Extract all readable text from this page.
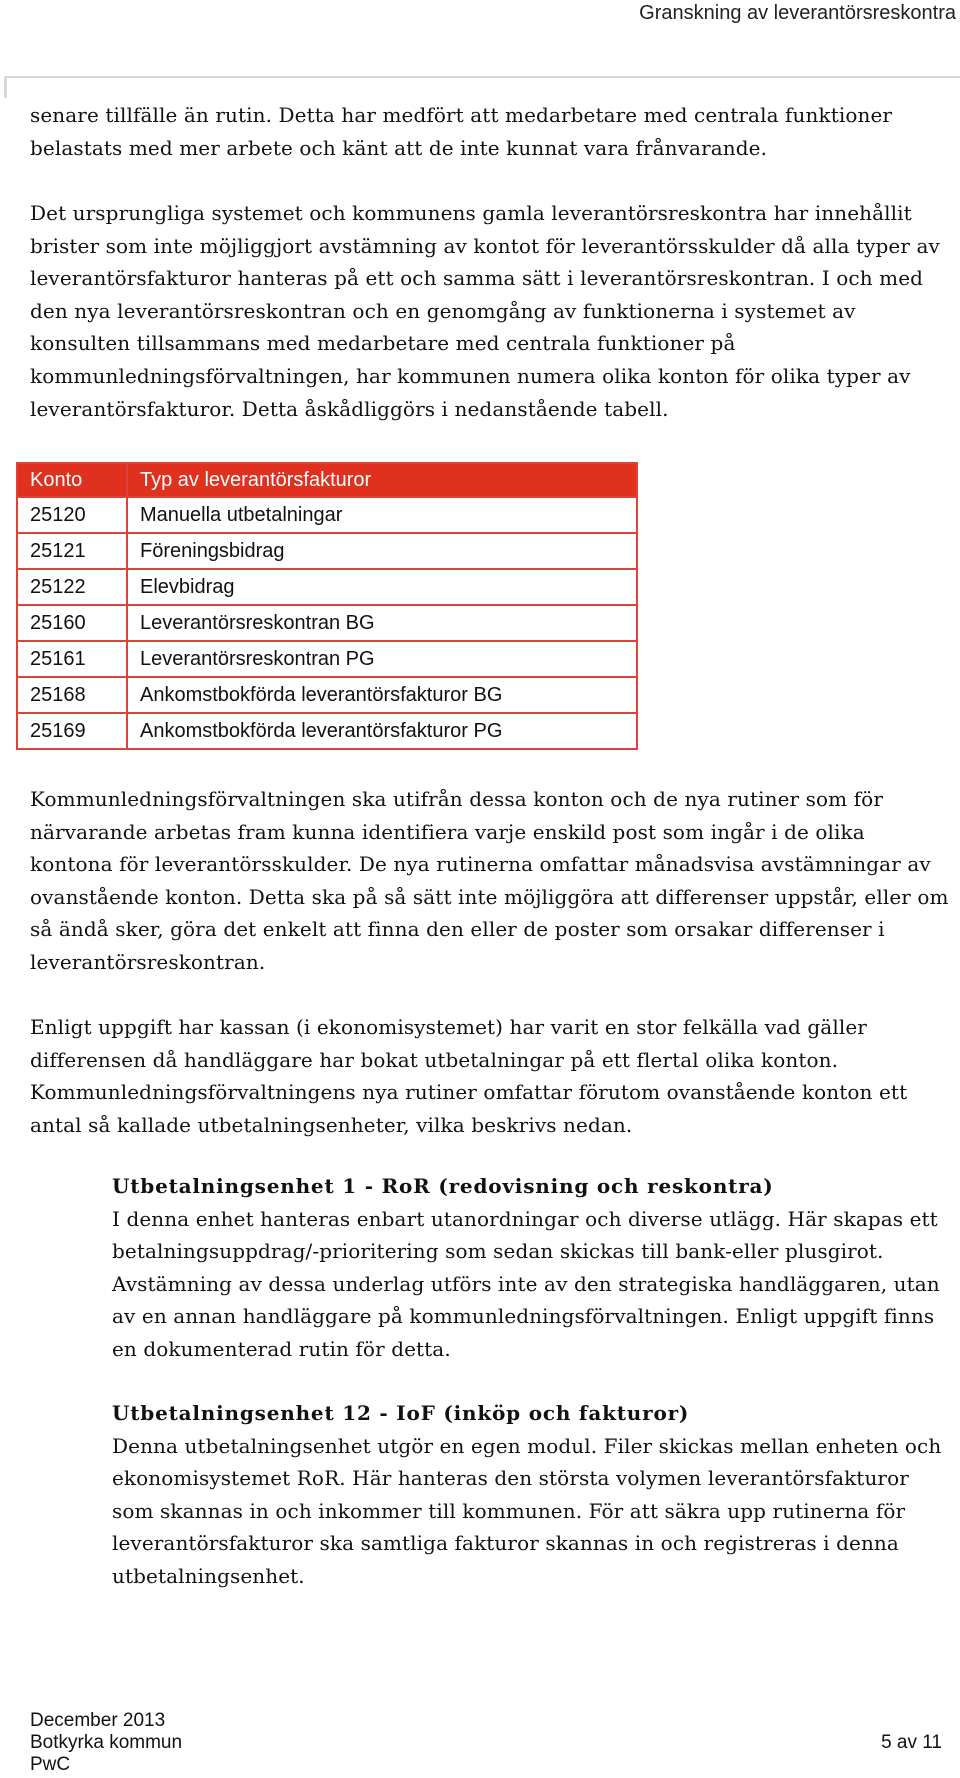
Granskning av leverantörsreskontra

senare tillfälle än rutin. Detta har medfört att medarbetare med centrala funktioner belastats med mer arbete och känt att de inte kunnat vara frånvarande.

Det ursprungliga systemet och kommunens gamla leverantörsreskontra har innehållit brister som inte möjliggjort avstämning av kontot för leverantörsskulder då alla typer av leverantörsfakturor hanteras på ett och samma sätt i leverantörsreskontran. I och med den nya leverantörsreskontran och en genomgång av funktionerna i systemet av konsulten tillsammans med medarbetare med centrala funktioner på kommunledningsförvaltningen, har kommunen numera olika konton för olika typer av leverantörsfakturor. Detta åskådliggörs i nedanstående tabell.

Konto	Typ av leverantörsfakturor
25120	Manuella utbetalningar
25121	Föreningsbidrag
25122	Elevbidrag
25160	Leverantörsreskontran BG
25161	Leverantörsreskontran PG
25168	Ankomstbokförda leverantörsfakturor BG
25169	Ankomstbokförda leverantörsfakturor PG

Kommunledningsförvaltningen ska utifrån dessa konton och de nya rutiner som för närvarande arbetas fram kunna identifiera varje enskild post som ingår i de olika kontona för leverantörsskulder. De nya rutinerna omfattar månadsvisa avstämningar av ovanstående konton. Detta ska på så sätt inte möjliggöra att differenser uppstår, eller om så ändå sker, göra det enkelt att finna den eller de poster som orsakar differenser i leverantörsreskontran.

Enligt uppgift har kassan (i ekonomisystemet) har varit en stor felkälla vad gäller differensen då handläggare har bokat utbetalningar på ett flertal olika konton. Kommunledningsförvaltningens nya rutiner omfattar förutom ovanstående konton ett antal så kallade utbetalningsenheter, vilka beskrivs nedan.

Utbetalningsenhet 1 - RoR (redovisning och reskontra)
I denna enhet hanteras enbart utanordningar och diverse utlägg. Här skapas ett betalningsuppdrag/-prioritering som sedan skickas till bank-eller plusgirot. Avstämning av dessa underlag utförs inte av den strategiska handläggaren, utan av en annan handläggare på kommunledningsförvaltningen. Enligt uppgift finns en dokumenterad rutin för detta.
Utbetalningsenhet 12 - IoF (inköp och fakturor)
Denna utbetalningsenhet utgör en egen modul. Filer skickas mellan enheten och ekonomisystemet RoR. Här hanteras den största volymen leverantörsfakturor som skannas in och inkommer till kommunen. För att säkra upp rutinerna för leverantörsfakturor ska samtliga fakturor skannas in och registreras i denna utbetalningsenhet.
December 2013
Botkyrka kommun
PwC
5 av 11
